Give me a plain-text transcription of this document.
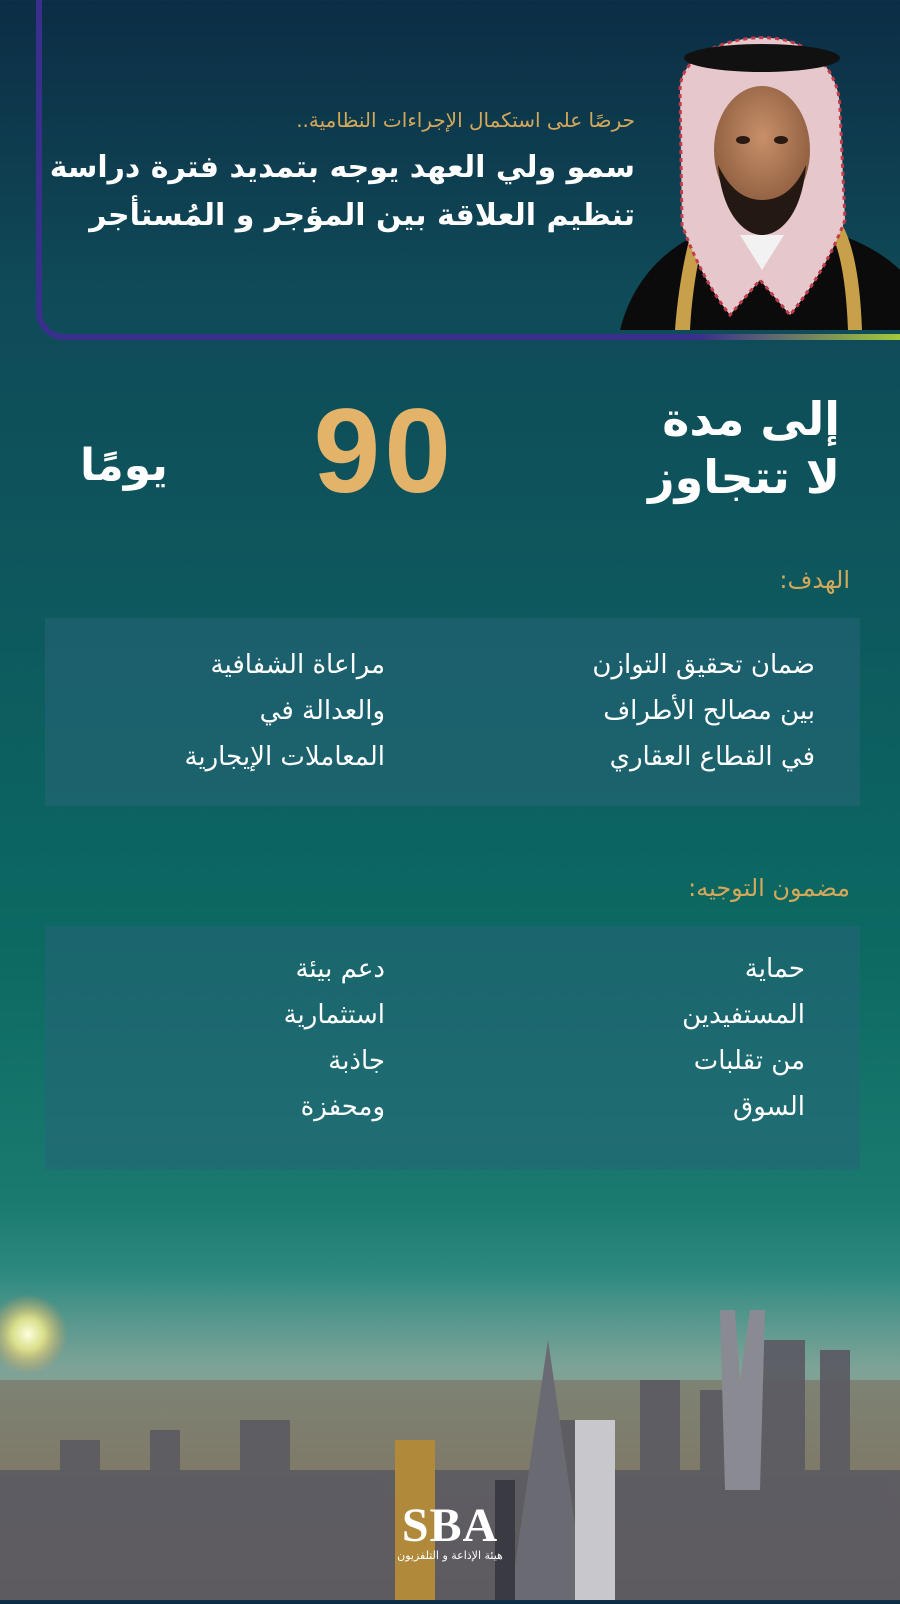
حرصًا على استكمال الإجراءات النظامية..
سمو ولي العهد يوجه بتمديد فترة دراسة
تنظيم العلاقة بين المؤجر و المُستأجر
إلى مدة
لا تتجاوز
90
يومًا
الهدف:
ضمان تحقيق التوازن
بين مصالح الأطراف
في القطاع العقاري
مراعاة الشفافية
والعدالة في
المعاملات الإيجارية
مضمون التوجيه:
حماية
المستفيدين
من تقلبات
السوق
دعم بيئة
استثمارية
جاذبة
ومحفزة
SBA
هيئة الإذاعة و التلفزيون
